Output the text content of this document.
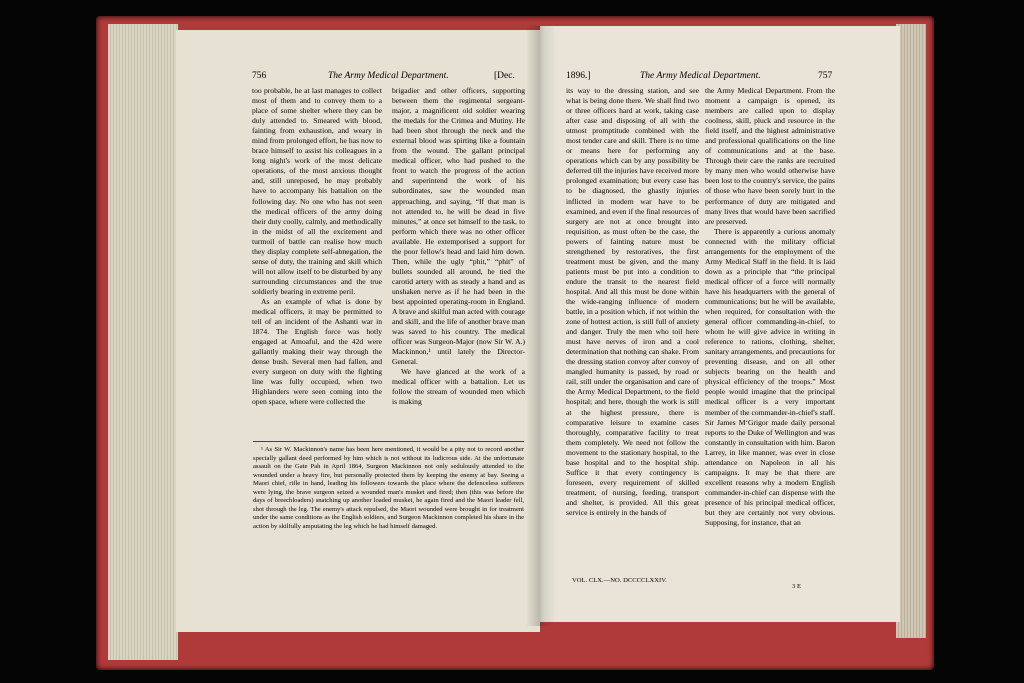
756	The Army Medical Department.	[Dec.

too probable, he at last manages to collect most of them and to convey them to a place of some shelter where they can be duly attended to. Smeared with blood, fainting from exhaustion, and weary in mind from prolonged effort, he has now to brace himself to assist his colleagues in a long night's work of the most delicate operations, of the most anxious thought and, still unreposed, he may probably have to accompany his battalion on the following day. No one who has not seen the medical officers of the army doing their duty coolly, calmly, and methodically in the midst of all the excitement and turmoil of battle can realise how much they display complete self-abnegation, the sense of duty, the training and skill which will not allow itself to be disturbed by any surrounding circumstances and the true soldierly bearing in extreme peril.

As an example of what is done by medical officers, it may be permitted to tell of an incident of the Ashanti war in 1874. The English force was hotly engaged at Amoaful, and the 42d were gallantly making their way through the dense bush. Several men had fallen, and every surgeon on duty with the fighting line was fully occupied, when two Highlanders were seen coming into the open space, where were collected the

brigadier and other officers, supporting between them the regimental sergeant-major, a magnificent old soldier wearing the medals for the Crimea and Mutiny. He had been shot through the neck and the external blood was spirting like a fountain from the wound. The gallant principal medical officer, who had pushed to the front to watch the progress of the action and superintend the work of his subordinates, saw the wounded man approaching, and saying, “If that man is not attended to, he will be dead in five minutes,” at once set himself to the task, to perform which there was no other officer available. He extemporised a support for the poor fellow's head and laid him down. Then, while the ugly “phit,” “phit” of bullets sounded all around, he tied the carotid artery with as steady a hand and as unshaken nerve as if he had been in the best appointed operating-room in England. A brave and skilful man acted with courage and skill, and the life of another brave man was saved to his country. The medical officer was Surgeon-Major (now Sir W. A.) Mackinnon,¹ until lately the Director-General.

We have glanced at the work of a medical officer with a battalion. Let us follow the stream of wounded men which is making

¹ As Sir W. Mackinnon's name has been here mentioned, it would be a pity not to record another specially gallant deed performed by him which is not without its ludicrous side. At the unfortunate assault on the Gate Pah in April 1864, Surgeon Mackinnon not only sedulously attended to the wounded under a heavy fire, but personally protected them by keeping the enemy at bay. Seeing a Maori chief, rifle in hand, leading his followers towards the place where the defenceless sufferers were lying, the brave surgeon seized a wounded man's musket and fired; then (this was before the days of breechloaders) snatching up another loaded musket, he again fired and the Maori leader fell, shot through the leg. The enemy's attack repulsed, the Maori wounded were brought in for treatment under the same conditions as the English soldiers, and Surgeon Mackinnon completed his share in the action by skilfully amputating the leg which he had himself damaged.
1896.]	The Army Medical Department.	757

its way to the dressing station, and see what is being done there. We shall find two or three officers hard at work, taking case after case and disposing of all with the utmost promptitude combined with the most tender care and skill. There is no time or means here for performing any operations which can by any possibility be deferred till the injuries have received more prolonged examination; but every case has to be diagnosed, the ghastly injuries inflicted in modern war have to be examined, and even if the final resources of surgery are not at once brought into requisition, as must often be the case, the powers of fainting nature must be strengthened by restoratives, the first treatment must be given, and the many patients must be put into a condition to endure the transit to the nearest field hospital. And all this must be done within the wide-ranging influence of modern battle, in a position which, if not within the zone of hottest action, is still full of anxiety and danger. Truly the men who toil here must have nerves of iron and a cool determination that nothing can shake. From the dressing station convoy after convoy of mangled humanity is passed, by road or rail, still under the organisation and care of the Army Medical Department, to the field hospital; and here, though the work is still at the highest pressure, there is comparative leisure to examine cases thoroughly, comparative facility to treat them completely. We need not follow the movement to the stationary hospital, to the base hospital and to the hospital ship. Suffice it that every contingency is foreseen, every requirement of skilled treatment, of nursing, feeding, transport and shelter, is provided. All this great service is entirely in the hands of

the Army Medical Department. From the moment a campaign is opened, its members are called upon to display coolness, skill, pluck and resource in the field itself, and the highest administrative and professional qualifications on the line of communications and at the base. Through their care the ranks are recruited by many men who would otherwise have been lost to the country's service, the pains of those who have been sorely hurt in the performance of duty are mitigated and many lives that would have been sacrified are preserved.

There is apparently a curious anomaly connected with the military official arrangements for the employment of the Army Medical Staff in the field. It is laid down as a principle that “the principal medical officer of a force will normally have his headquarters with the general of communications; but he will be available, when required, for consultation with the general officer commanding-in-chief, to whom he will give advice in writing in reference to rations, clothing, shelter, sanitary arrangements, and precautions for preventing disease, and on all other subjects bearing on the health and physical efficiency of the troops.” Most people would imagine that the principal medical officer is a very important member of the commander-in-chief's staff. Sir James M‘Grigor made daily personal reports to the Duke of Wellington and was constantly in consultation with him. Baron Larrey, in like manner, was ever in close attendance on Napoleon in all his campaigns. It may be that there are excellent reasons why a modern English commander-in-chief can dispense with the presence of his principal medical officer, but they are certainly not very obvious. Supposing, for instance, that an

VOL. CLX.—NO. DCCCCLXXIV.
3 E
